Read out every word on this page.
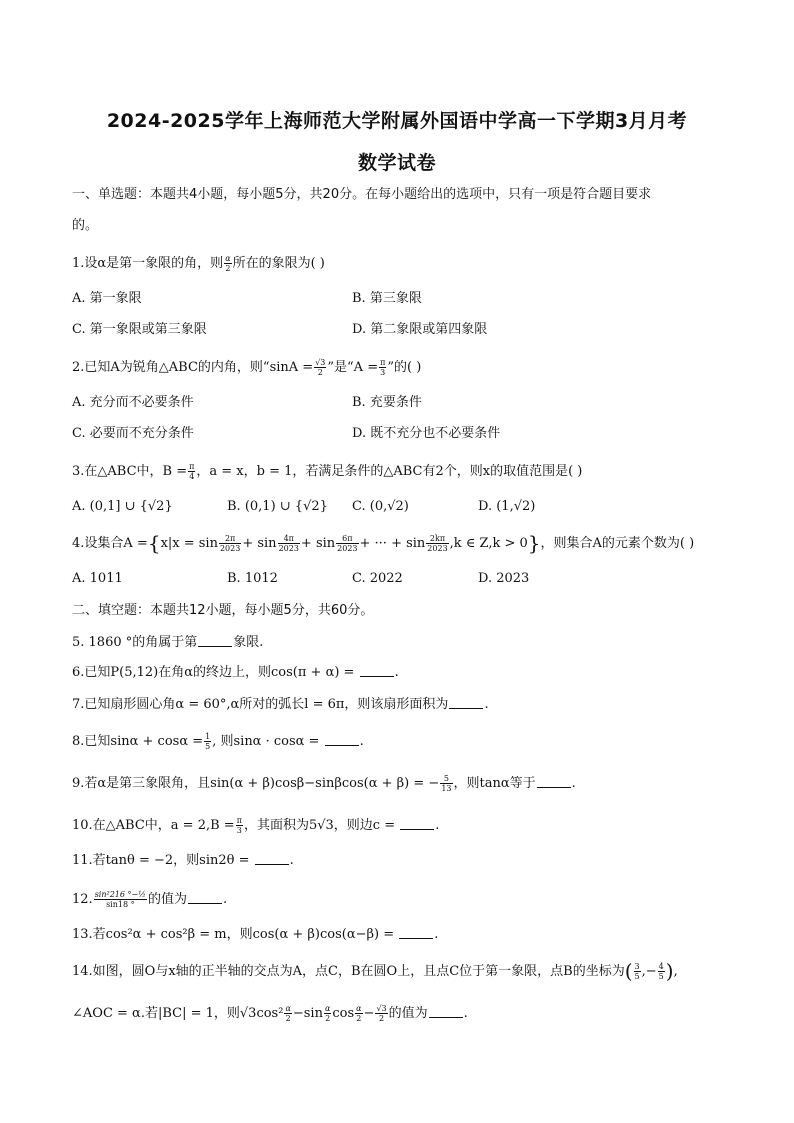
2024-2025学年上海师范大学附属外国语中学高一下学期3月月考
数学试卷
一、单选题：本题共4小题，每小题5分，共20分。在每小题给出的选项中，只有一项是符合题目要求
的。
1.设α是第一象限的角，则 $\frac{\alpha}{2}$ 所在的象限为( )
A. 第一象限	B. 第三象限
C. 第一象限或第三象限	D. 第二象限或第四象限
2.已知A为锐角△ABC的内角，则“$\sin A = \frac{√3}{2}$ ”是“$A = \frac{\pi}{3}$ ”的( )
A. 充分而不必要条件	B. 充要条件
C. 必要而不充分条件	D. 既不充分也不必要条件
3.在△ABC中，$B = \frac{\pi}{4}$ ，a = x，b = 1，若满足条件的△ABC有2个，则x的取值范围是( )
A. (0,1] ∪ {√2}	B. (0,1) ∪ {√2} C. (0,√2)	D. (1,√2)
4.设集合$A =\{x|x = \sin \frac{2\pi}{2023} + \sin \frac{4\pi}{2023} + \sin \frac{6\pi}{2023}$ + ··· + $\sin \frac{2k\pi}{2023} ,k$ ∈ Z,k > 0}，则集合A的元素个数为( )
A. 1011	B. 1012	C. 2022	D. 2023
二、填空题：本题共12小题，每小题5分，共60分。
5. 1860 °的角属于第	象限.
6.已知P(5,12)在角α的终边上，则cos(π + α) =	.
7.已知扇形圆心角α = 60°,α所对的弧长l = 6π，则该扇形面积为	.
8.已知$\sin\alpha + \cos\alpha = \frac{1}{5}$ , 则sinα · cosα =	.
9.若α是第三象限角，且sin(α + β)cosβ−sinβcos(α + β) = − $\frac{5}{13}$ ，则tanα等于	.
10.在△ABC中，$a = 2,B = \frac{\pi}{3}$ ，其面积为5√3，则边c =	.
11.若tanθ = −2，则sin2θ =	.
12. $\frac{\text{sin²216 °−½}}{\sin 18 ^\circ}$ 的值为	.
13.若cos²α + cos²β = m，则cos(α + β)cos(α−β) =	.
14.如图，圆O与x轴的正半轴的交点为A，点C，B在圆O上，且点C位于第一象限，点B的坐标为( $\frac{3}{5}$ ,− $\frac{4}{5}$ ),
∠AOC = α.若|BC| = 1，则$√3\cos^2 \frac{\alpha}{2} -\sin \frac{\alpha}{2}$ $\cos \frac{\alpha}{2} - \frac{√3}{2}$ 的值为	.
